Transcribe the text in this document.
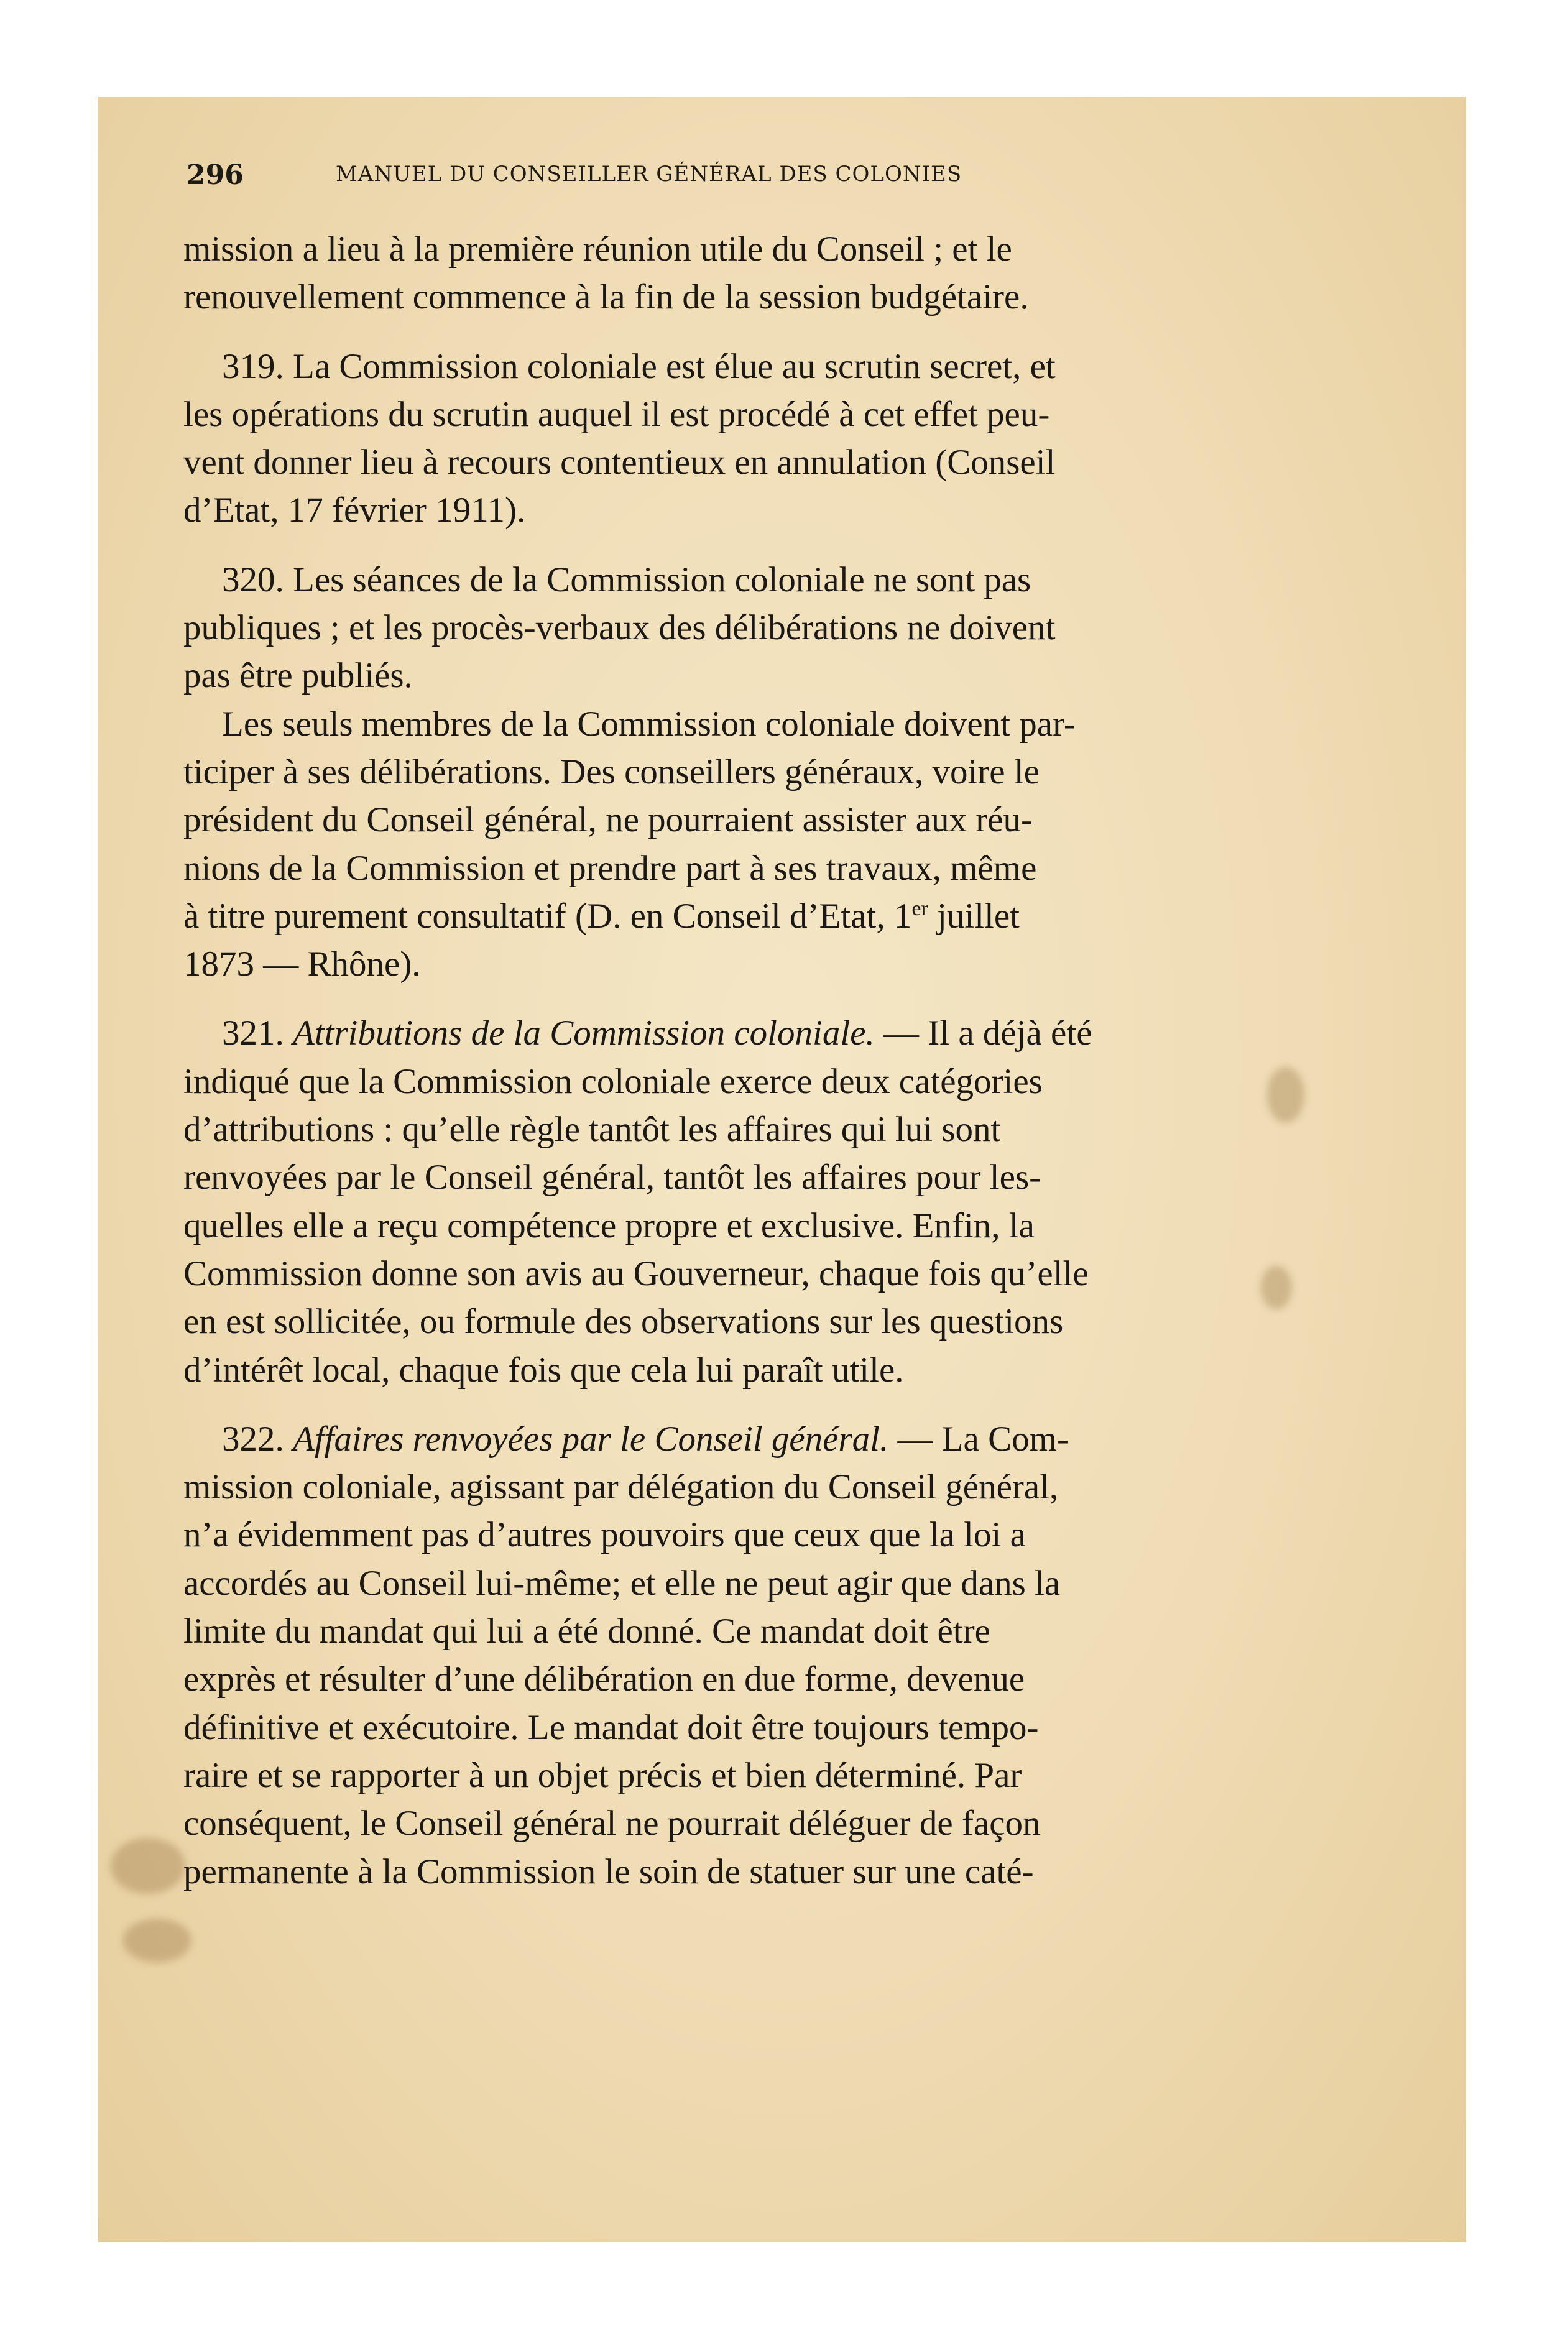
296	MANUEL DU CONSEILLER GÉNÉRAL DES COLONIES

mission a lieu à la première réunion utile du Conseil ; et le
renouvellement commence à la fin de la session budgétaire.

319. La Commission coloniale est élue au scrutin secret, et
les opérations du scrutin auquel il est procédé à cet effet peu-
vent donner lieu à recours contentieux en annulation (Conseil
d’Etat, 17 février 1911).

320. Les séances de la Commission coloniale ne sont pas
publiques ; et les procès-verbaux des délibérations ne doivent
pas être publiés.

Les seuls membres de la Commission coloniale doivent par-
ticiper à ses délibérations. Des conseillers généraux, voire le
président du Conseil général, ne pourraient assister aux réu-
nions de la Commission et prendre part à ses travaux, même
à titre purement consultatif (D. en Conseil d’Etat, 1er juillet
1873 — Rhône).

321. Attributions de la Commission coloniale. — Il a déjà été
indiqué que la Commission coloniale exerce deux catégories
d’attributions : qu’elle règle tantôt les affaires qui lui sont
renvoyées par le Conseil général, tantôt les affaires pour les-
quelles elle a reçu compétence propre et exclusive. Enfin, la
Commission donne son avis au Gouverneur, chaque fois qu’elle
en est sollicitée, ou formule des observations sur les questions
d’intérêt local, chaque fois que cela lui paraît utile.

322. Affaires renvoyées par le Conseil général. — La Com-
mission coloniale, agissant par délégation du Conseil général,
n’a évidemment pas d’autres pouvoirs que ceux que la loi a
accordés au Conseil lui-même; et elle ne peut agir que dans la
limite du mandat qui lui a été donné. Ce mandat doit être
exprès et résulter d’une délibération en due forme, devenue
définitive et exécutoire. Le mandat doit être toujours tempo-
raire et se rapporter à un objet précis et bien déterminé. Par
conséquent, le Conseil général ne pourrait déléguer de façon
permanente à la Commission le soin de statuer sur une caté-
